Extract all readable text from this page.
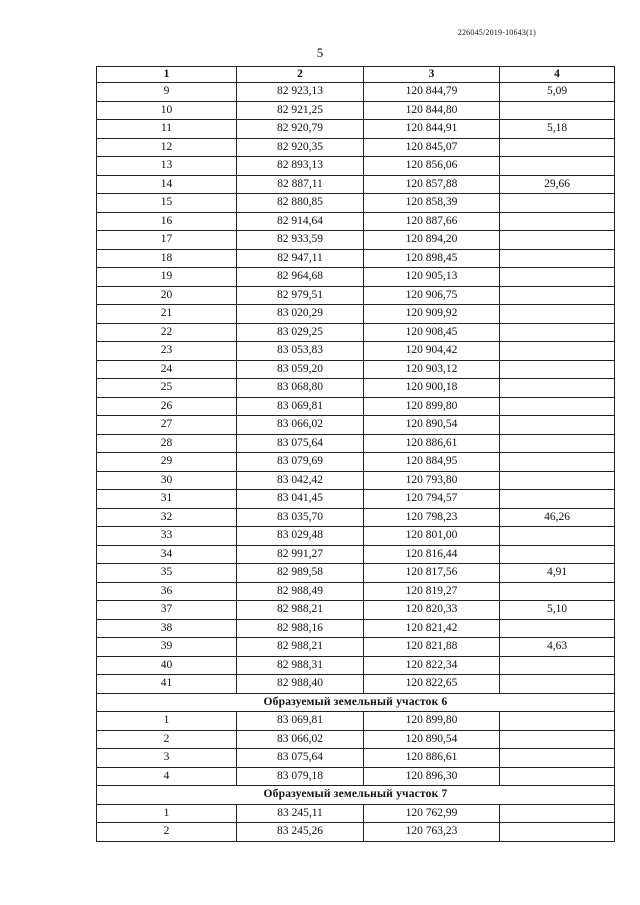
226045/2019-10643(1)
5
1	2	3	4
9	82 923,13	120 844,79	5,09
10	82 921,25	120 844,80	
11	82 920,79	120 844,91	5,18
12	82 920,35	120 845,07	
13	82 893,13	120 856,06	
14	82 887,11	120 857,88	29,66
15	82 880,85	120 858,39	
16	82 914,64	120 887,66	
17	82 933,59	120 894,20	
18	82 947,11	120 898,45	
19	82 964,68	120 905,13	
20	82 979,51	120 906,75	
21	83 020,29	120 909,92	
22	83 029,25	120 908,45	
23	83 053,83	120 904,42	
24	83 059,20	120 903,12	
25	83 068,80	120 900,18	
26	83 069,81	120 899,80	
27	83 066,02	120 890,54	
28	83 075,64	120 886,61	
29	83 079,69	120 884,95	
30	83 042,42	120 793,80	
31	83 041,45	120 794,57	
32	83 035,70	120 798,23	46,26
33	83 029,48	120 801,00	
34	82 991,27	120 816,44	
35	82 989,58	120 817,56	4,91
36	82 988,49	120 819,27	
37	82 988,21	120 820,33	5,10
38	82 988,16	120 821,42	
39	82 988,21	120 821,88	4,63
40	82 988,31	120 822,34	
41	82 988,40	120 822,65	
Образуемый земельный участок 6			
1	83 069,81	120 899,80	
2	83 066,02	120 890,54	
3	83 075,64	120 886,61	
4	83 079,18	120 896,30	
Образуемый земельный участок 7			
1	83 245,11	120 762,99	
2	83 245,26	120 763,23	
